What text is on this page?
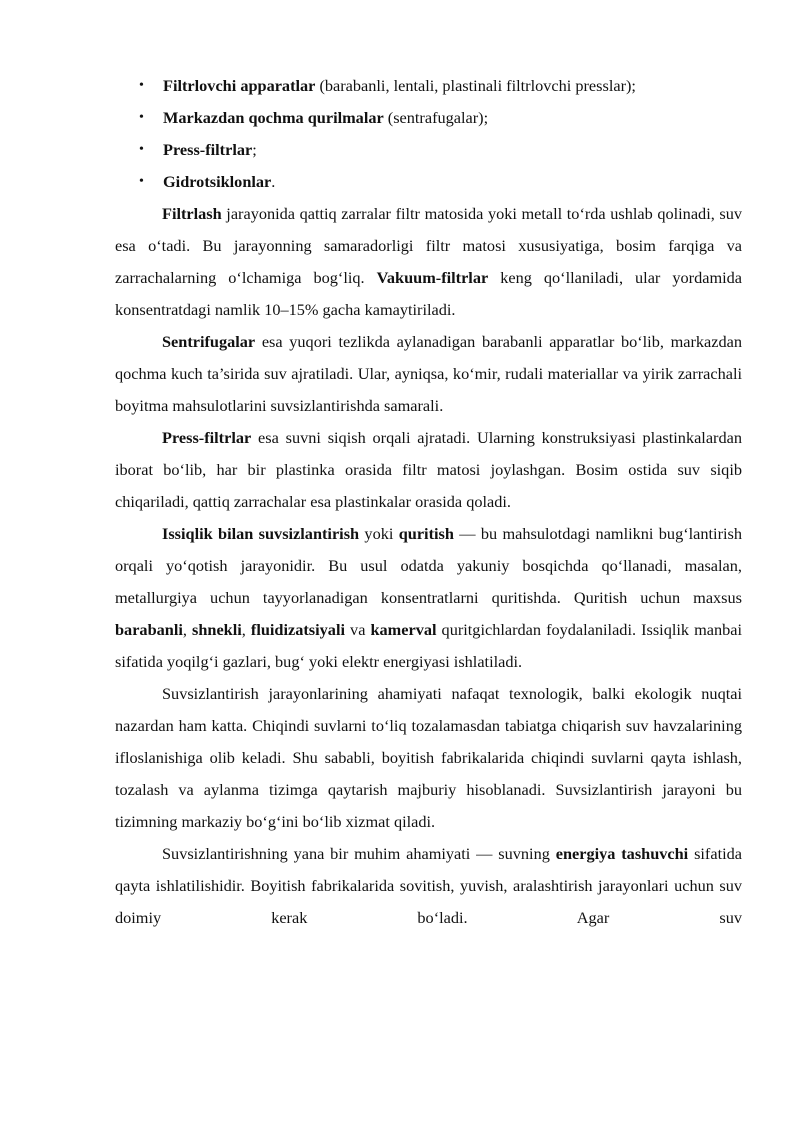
• Filtrlovchi apparatlar (barabanli, lentali, plastinali filtrlovchi presslar);
• Markazdan qochma qurilmalar (sentrafugalar);
• Press-filtrlar;
• Gidrotsiklonlar.

Filtrlash jarayonida qattiq zarralar filtr matosida yoki metall to‘rda ushlab qolinadi, suv esa o‘tadi. Bu jarayonning samaradorligi filtr matosi xususiyatiga, bosim farqiga va zarrachalarning o‘lchamiga bog‘liq. Vakuum-filtrlar keng qo‘llaniladi, ular yordamida konsentratdagi namlik 10–15% gacha kamaytiriladi.

Sentrifugalar esa yuqori tezlikda aylanadigan barabanli apparatlar bo‘lib, markazdan qochma kuch ta’sirida suv ajratiladi. Ular, ayniqsa, ko‘mir, rudali materiallar va yirik zarrachali boyitma mahsulotlarini suvsizlantirishda samarali.

Press-filtrlar esa suvni siqish orqali ajratadi. Ularning konstruksiyasi plastinkalardan iborat bo‘lib, har bir plastinka orasida filtr matosi joylashgan. Bosim ostida suv siqib chiqariladi, qattiq zarrachalar esa plastinkalar orasida qoladi.

Issiqlik bilan suvsizlantirish yoki quritish — bu mahsulotdagi namlikni bug‘lantirish orqali yo‘qotish jarayonidir. Bu usul odatda yakuniy bosqichda qo‘llanadi, masalan, metallurgiya uchun tayyorlanadigan konsentratlarni quritishda. Quritish uchun maxsus barabanli, shnekli, fluidizatsiyali va kamerval quritgichlardan foydalaniladi. Issiqlik manbai sifatida yoqilg‘i gazlari, bug‘ yoki elektr energiyasi ishlatiladi.

Suvsizlantirish jarayonlarining ahamiyati nafaqat texnologik, balki ekologik nuqtai nazardan ham katta. Chiqindi suvlarni to‘liq tozalamasdan tabiatga chiqarish suv havzalarining ifloslanishiga olib keladi. Shu sababli, boyitish fabrikalarida chiqindi suvlarni qayta ishlash, tozalash va aylanma tizimga qaytarish majburiy hisoblanadi. Suvsizlantirish jarayoni bu tizimning markaziy bo‘g‘ini bo‘lib xizmat qiladi.

Suvsizlantirishning yana bir muhim ahamiyati — suvning energiya tashuvchi sifatida qayta ishlatilishidir. Boyitish fabrikalarida sovitish, yuvish, aralashtirish jarayonlari uchun suv doimiy kerak bo‘ladi. Agar suv
